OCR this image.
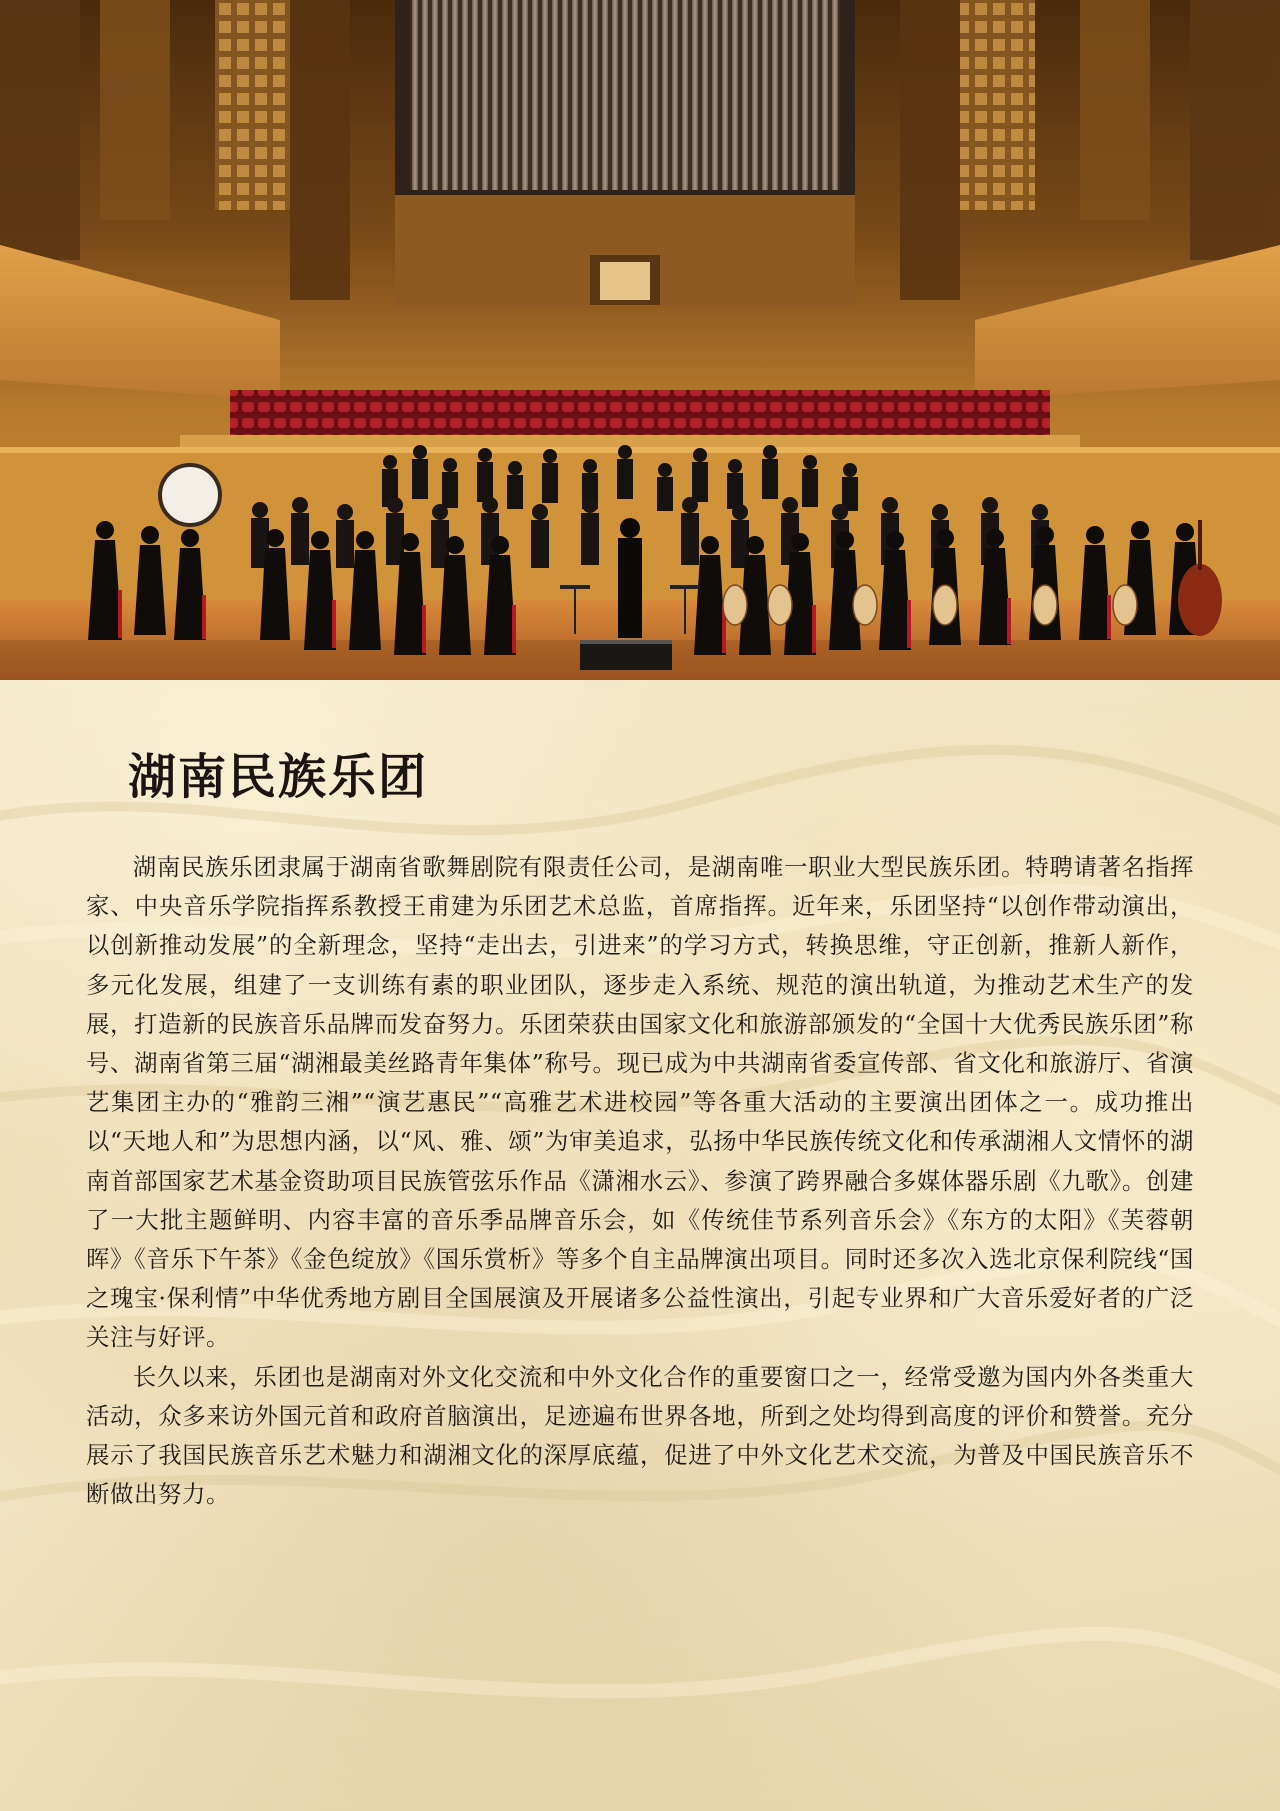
湖南民族乐团

湖南民族乐团隶属于湖南省歌舞剧院有限责任公司，是湖南唯一职业大型民族乐团。特聘请著名指挥家、中央音乐学院指挥系教授王甫建为乐团艺术总监，首席指挥。近年来，乐团坚持“以创作带动演出，以创新推动发展”的全新理念，坚持“走出去，引进来”的学习方式，转换思维，守正创新，推新人新作，多元化发展，组建了一支训练有素的职业团队，逐步走入系统、规范的演出轨道，为推动艺术生产的发展，打造新的民族音乐品牌而发奋努力。乐团荣获由国家文化和旅游部颁发的“全国十大优秀民族乐团”称号、湖南省第三届“湖湘最美丝路青年集体”称号。现已成为中共湖南省委宣传部、省文化和旅游厅、省演艺集团主办的“雅韵三湘”“演艺惠民”“高雅艺术进校园”等各重大活动的主要演出团体之一。成功推出以“天地人和”为思想内涵，以“风、雅、颂”为审美追求，弘扬中华民族传统文化和传承湖湘人文情怀的湖南首部国家艺术基金资助项目民族管弦乐作品《潇湘水云》、参演了跨界融合多媒体器乐剧《九歌》。创建了一大批主题鲜明、内容丰富的音乐季品牌音乐会，如《传统佳节系列音乐会》《东方的太阳》《芙蓉朝晖》《音乐下午茶》《金色绽放》《国乐赏析》等多个自主品牌演出项目。同时还多次入选北京保利院线“国之瑰宝·保利情”中华优秀地方剧目全国展演及开展诸多公益性演出，引起专业界和广大音乐爱好者的广泛关注与好评。

长久以来，乐团也是湖南对外文化交流和中外文化合作的重要窗口之一，经常受邀为国内外各类重大活动，众多来访外国元首和政府首脑演出，足迹遍布世界各地，所到之处均得到高度的评价和赞誉。充分展示了我国民族音乐艺术魅力和湖湘文化的深厚底蕴，促进了中外文化艺术交流，为普及中国民族音乐不断做出努力。
